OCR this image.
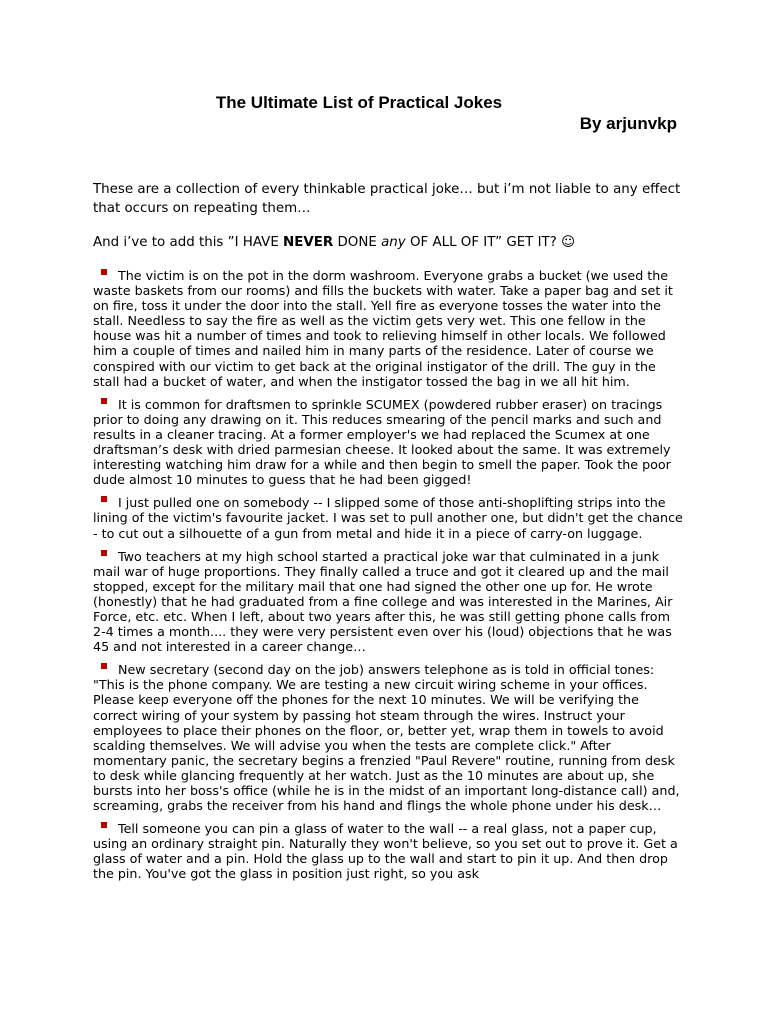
The Ultimate List of Practical Jokes
By arjunvkp

These are a collection of every thinkable practical joke… but i’m not liable to any effect that occurs on repeating them…

And i’ve to add this ”I HAVE NEVER DONE any OF ALL OF IT” GET IT? ☺

The victim is on the pot in the dorm washroom. Everyone grabs a bucket (we used the waste baskets from our rooms) and fills the buckets with water. Take a paper bag and set it on fire, toss it under the door into the stall. Yell fire as everyone tosses the water into the stall. Needless to say the fire as well as the victim gets very wet. This one fellow in the house was hit a number of times and took to relieving himself in other locals. We followed him a couple of times and nailed him in many parts of the residence. Later of course we conspired with our victim to get back at the original instigator of the drill. The guy in the stall had a bucket of water, and when the instigator tossed the bag in we all hit him.
It is common for draftsmen to sprinkle SCUMEX (powdered rubber eraser) on tracings prior to doing any drawing on it. This reduces smearing of the pencil marks and such and results in a cleaner tracing. At a former employer's we had replaced the Scumex at one draftsman’s desk with dried parmesian cheese. It looked about the same. It was extremely interesting watching him draw for a while and then begin to smell the paper. Took the poor dude almost 10 minutes to guess that he had been gigged!
I just pulled one on somebody -- I slipped some of those anti-shoplifting strips into the lining of the victim's favourite jacket. I was set to pull another one, but didn't get the chance - to cut out a silhouette of a gun from metal and hide it in a piece of carry-on luggage.
Two teachers at my high school started a practical joke war that culminated in a junk mail war of huge proportions. They finally called a truce and got it cleared up and the mail stopped, except for the military mail that one had signed the other one up for. He wrote (honestly) that he had graduated from a fine college and was interested in the Marines, Air Force, etc. etc. When I left, about two years after this, he was still getting phone calls from 2-4 times a month.... they were very persistent even over his (loud) objections that he was 45 and not interested in a career change…
New secretary (second day on the job) answers telephone as is told in official tones: "This is the phone company. We are testing a new circuit wiring scheme in your offices. Please keep everyone off the phones for the next 10 minutes. We will be verifying the correct wiring of your system by passing hot steam through the wires. Instruct your employees to place their phones on the floor, or, better yet, wrap them in towels to avoid scalding themselves. We will advise you when the tests are complete click." After momentary panic, the secretary begins a frenzied "Paul Revere" routine, running from desk to desk while glancing frequently at her watch. Just as the 10 minutes are about up, she bursts into her boss's office (while he is in the midst of an important long-distance call) and, screaming, grabs the receiver from his hand and flings the whole phone under his desk…
Tell someone you can pin a glass of water to the wall -- a real glass, not a paper cup, using an ordinary straight pin. Naturally they won't believe, so you set out to prove it. Get a glass of water and a pin. Hold the glass up to the wall and start to pin it up. And then drop the pin. You've got the glass in position just right, so you ask
